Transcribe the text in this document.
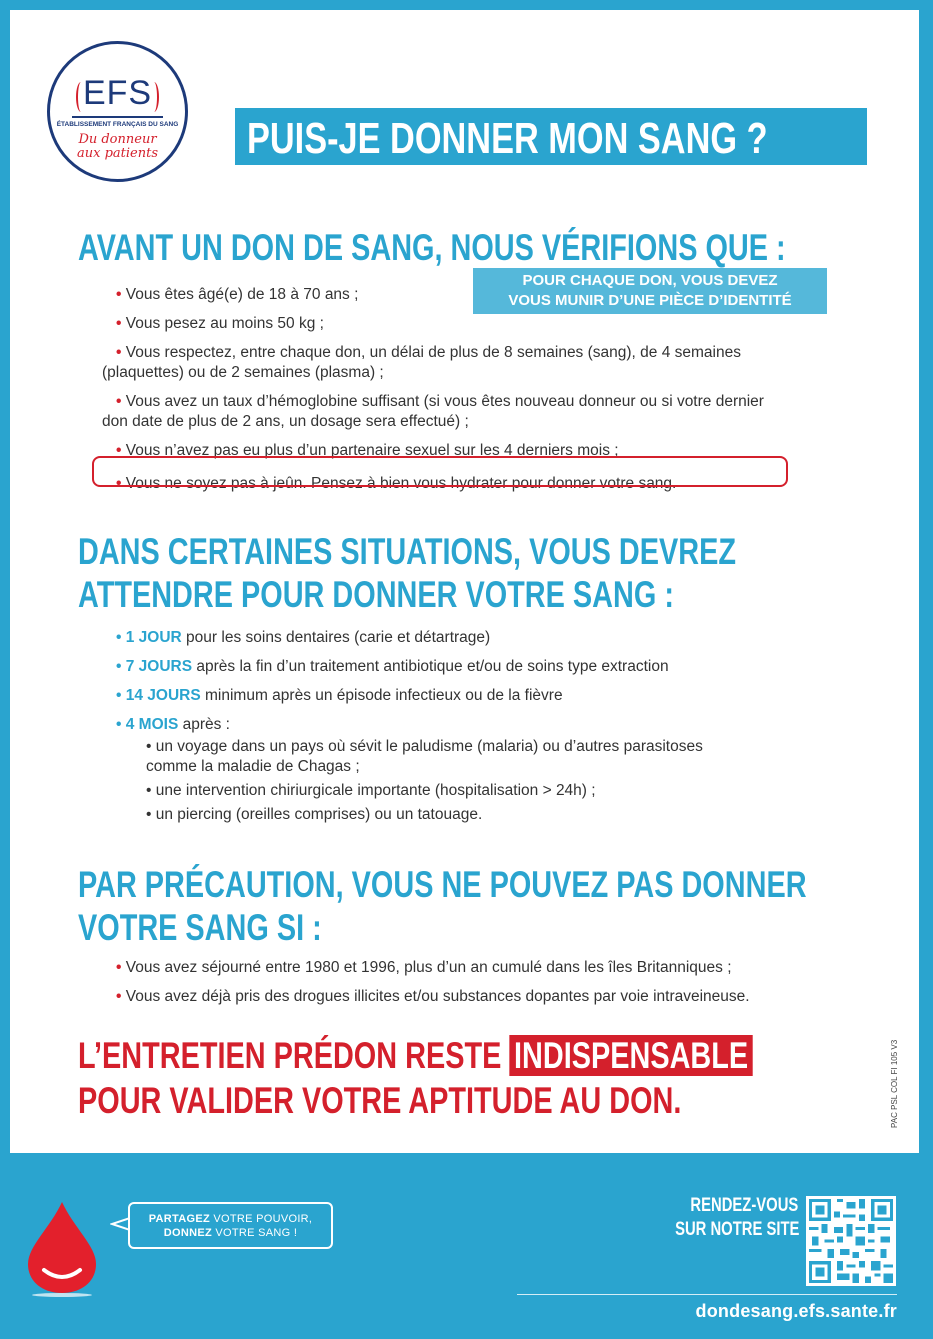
EFS
ÉTABLISSEMENT FRANÇAIS DU SANG
Du donneur
aux patients	PUIS-JE DONNER MON SANG ?
AVANT UN DON DE SANG, NOUS VÉRIFIONS QUE :
POUR CHAQUE DON, VOUS DEVEZ
VOUS MUNIR D’UNE PIÈCE D’IDENTITÉ
• Vous êtes âgé(e) de 18 à 70 ans ;
• Vous pesez au moins 50 kg ;
• Vous respectez, entre chaque don, un délai de plus de 8 semaines (sang), de 4 semaines (plaquettes) ou de 2 semaines (plasma) ;
• Vous avez un taux d’hémoglobine suffisant (si vous êtes nouveau donneur ou si votre dernier don date de plus de 2 ans, un dosage sera effectué) ;
• Vous n’avez pas eu plus d’un partenaire sexuel sur les 4 derniers mois ;
• Vous ne soyez pas à jeûn. Pensez à bien vous hydrater pour donner votre sang.
DANS CERTAINES SITUATIONS, VOUS DEVREZ
ATTENDRE POUR DONNER VOTRE SANG :
• 1 JOUR pour les soins dentaires (carie et détartrage)
• 7 JOURS après la fin d’un traitement antibiotique et/ou de soins type extraction
• 14 JOURS minimum après un épisode infectieux ou de la fièvre
• 4 MOIS après :
• un voyage dans un pays où sévit le paludisme (malaria) ou d’autres parasitoses comme la maladie de Chagas ;
• une intervention chiriurgicale importante (hospitalisation > 24h) ;
• un piercing (oreilles comprises) ou un tatouage.
PAR PRÉCAUTION, VOUS NE POUVEZ PAS DONNER
VOTRE SANG SI :
• Vous avez séjourné entre 1980 et 1996, plus d’un an cumulé dans les îles Britanniques ;
• Vous avez déjà pris des drogues illicites et/ou substances dopantes par voie intraveineuse.
L’ENTRETIEN PRÉDON RESTE INDISPENSABLE
POUR VALIDER VOTRE APTITUDE AU DON.	PAC PSL COL FI 105 V3
PARTAGEZ VOTRE POUVOIR,
DONNEZ VOTRE SANG !
RENDEZ-VOUS
SUR NOTRE SITE
dondesang.efs.sante.fr
